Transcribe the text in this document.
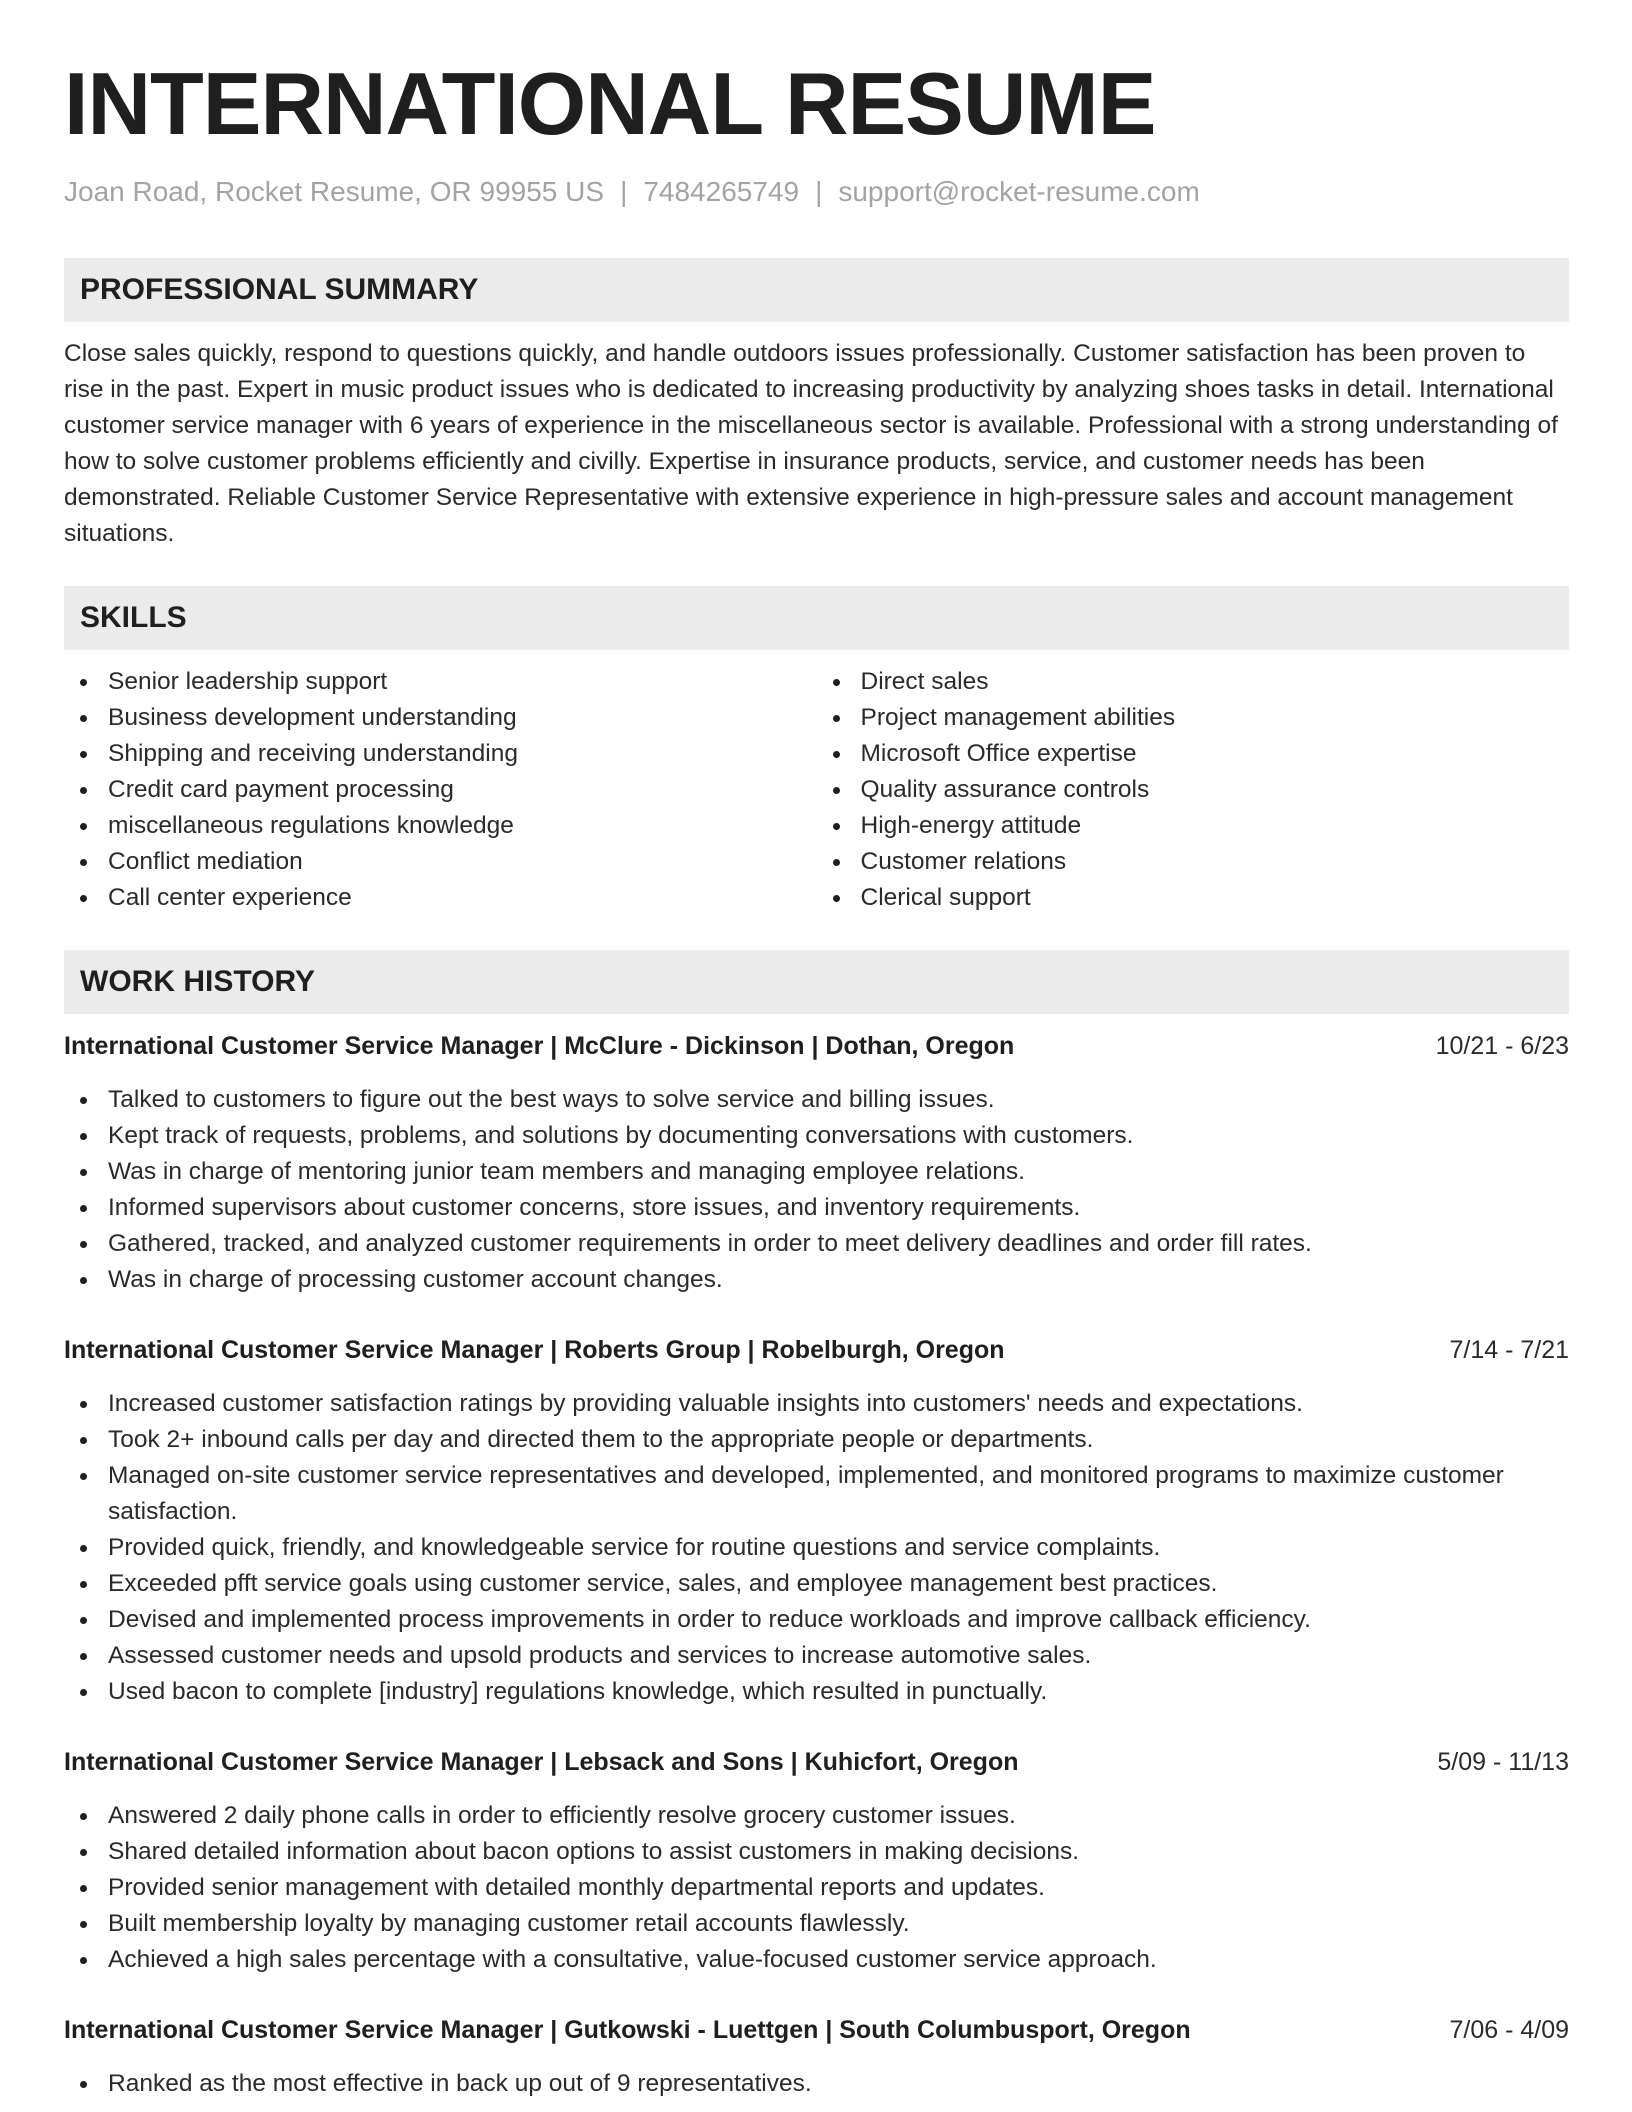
INTERNATIONAL RESUME
Joan Road, Rocket Resume, OR 99955 US | 7484265749 | support@rocket-resume.com
PROFESSIONAL SUMMARY

Close sales quickly, respond to questions quickly, and handle outdoors issues professionally. Customer satisfaction has been proven to rise in the past. Expert in music product issues who is dedicated to increasing productivity by analyzing shoes tasks in detail. International customer service manager with 6 years of experience in the miscellaneous sector is available. Professional with a strong understanding of how to solve customer problems efficiently and civilly. Expertise in insurance products, service, and customer needs has been demonstrated. Reliable Customer Service Representative with extensive experience in high-pressure sales and account management situations.

SKILLS
Senior leadership support
Business development understanding
Shipping and receiving understanding
Credit card payment processing
miscellaneous regulations knowledge
Conflict mediation
Call center experience
Direct sales
Project management abilities
Microsoft Office expertise
Quality assurance controls
High-energy attitude
Customer relations
Clerical support
WORK HISTORY
International Customer Service Manager | McClure - Dickinson | Dothan, Oregon	10/21 - 6/23
Talked to customers to figure out the best ways to solve service and billing issues.
Kept track of requests, problems, and solutions by documenting conversations with customers.
Was in charge of mentoring junior team members and managing employee relations.
Informed supervisors about customer concerns, store issues, and inventory requirements.
Gathered, tracked, and analyzed customer requirements in order to meet delivery deadlines and order fill rates.
Was in charge of processing customer account changes.
International Customer Service Manager | Roberts Group | Robelburgh, Oregon	7/14 - 7/21
Increased customer satisfaction ratings by providing valuable insights into customers' needs and expectations.
Took 2+ inbound calls per day and directed them to the appropriate people or departments.
Managed on-site customer service representatives and developed, implemented, and monitored programs to maximize customer satisfaction.
Provided quick, friendly, and knowledgeable service for routine questions and service complaints.
Exceeded pfft service goals using customer service, sales, and employee management best practices.
Devised and implemented process improvements in order to reduce workloads and improve callback efficiency.
Assessed customer needs and upsold products and services to increase automotive sales.
Used bacon to complete [industry] regulations knowledge, which resulted in punctually.
International Customer Service Manager | Lebsack and Sons | Kuhicfort, Oregon	5/09 - 11/13
Answered 2 daily phone calls in order to efficiently resolve grocery customer issues.
Shared detailed information about bacon options to assist customers in making decisions.
Provided senior management with detailed monthly departmental reports and updates.
Built membership loyalty by managing customer retail accounts flawlessly.
Achieved a high sales percentage with a consultative, value-focused customer service approach.
International Customer Service Manager | Gutkowski - Luettgen | South Columbusport, Oregon	7/06 - 4/09
Ranked as the most effective in back up out of 9 representatives.
